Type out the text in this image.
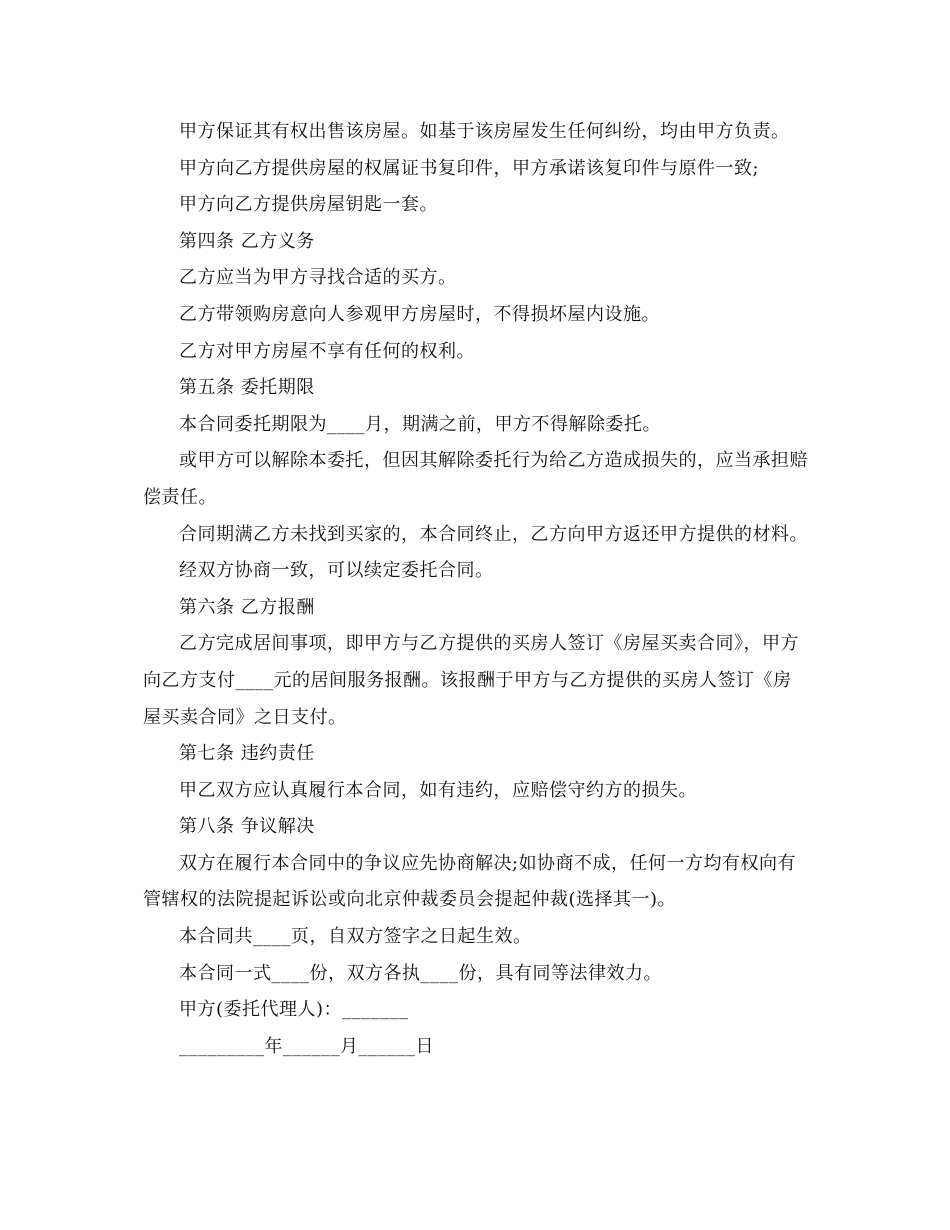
甲方保证其有权出售该房屋。如基于该房屋发生任何纠纷，均由甲方负责。

甲方向乙方提供房屋的权属证书复印件，甲方承诺该复印件与原件一致;

甲方向乙方提供房屋钥匙一套。

第四条 乙方义务

乙方应当为甲方寻找合适的买方。

乙方带领购房意向人参观甲方房屋时，不得损坏屋内设施。

乙方对甲方房屋不享有任何的权利。

第五条 委托期限

本合同委托期限为____月，期满之前，甲方不得解除委托。

或甲方可以解除本委托，但因其解除委托行为给乙方造成损失的，应当承担赔偿责任。

合同期满乙方未找到买家的，本合同终止，乙方向甲方返还甲方提供的材料。

经双方协商一致，可以续定委托合同。

第六条 乙方报酬

乙方完成居间事项，即甲方与乙方提供的买房人签订《房屋买卖合同》，甲方向乙方支付____元的居间服务报酬。该报酬于甲方与乙方提供的买房人签订《房屋买卖合同》之日支付。

第七条 违约责任

甲乙双方应认真履行本合同，如有违约，应赔偿守约方的损失。

第八条 争议解决

双方在履行本合同中的争议应先协商解决;如协商不成，任何一方均有权向有管辖权的法院提起诉讼或向北京仲裁委员会提起仲裁(选择其一)。

本合同共____页，自双方签字之日起生效。

本合同一式____份，双方各执____份，具有同等法律效力。

甲方(委托代理人)：_______

_________年______月______日
